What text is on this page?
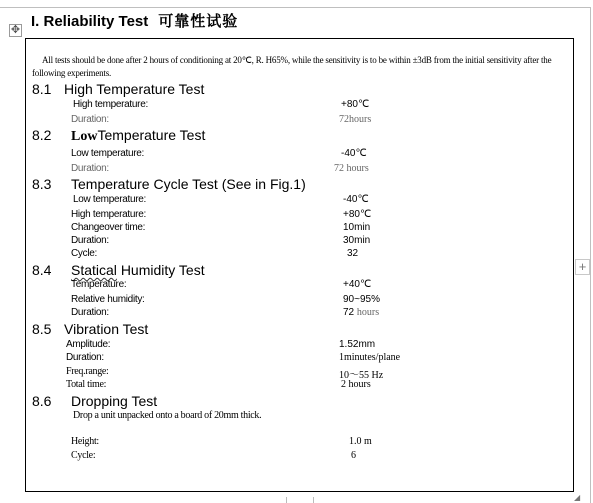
✥
+
◢
I. Reliability Test 可靠性试验
All tests should be done after 2 hours of conditioning at 20℃, R. H65%, while the sensitivity is to be within ±3dB from the initial sensitivity after the following experiments.
8.1 High Temperature Test
High temperature:	+80℃
Duration:	72hours
8.2 LowTemperature Test
Low temperature:	-40℃
Duration:	72 hours
8.3 Temperature Cycle Test (See in Fig.1)
Low temperature:	-40℃
High temperature:	+80℃
Changeover time:	10min
Duration:	30min
Cycle:	32
8.4 Statical Humidity Test
Temperature:	+40℃
Relative humidity:	90~95%
Duration:	72 hours
8.5 Vibration Test
Amplitude:	1.52mm
Duration:	1minutes/plane
Freq.range:	10～55 Hz
Total time:	2 hours
8.6 Dropping Test
Drop a unit unpacked onto a board of 20mm thick.
Height:	1.0 m
Cycle:	6
